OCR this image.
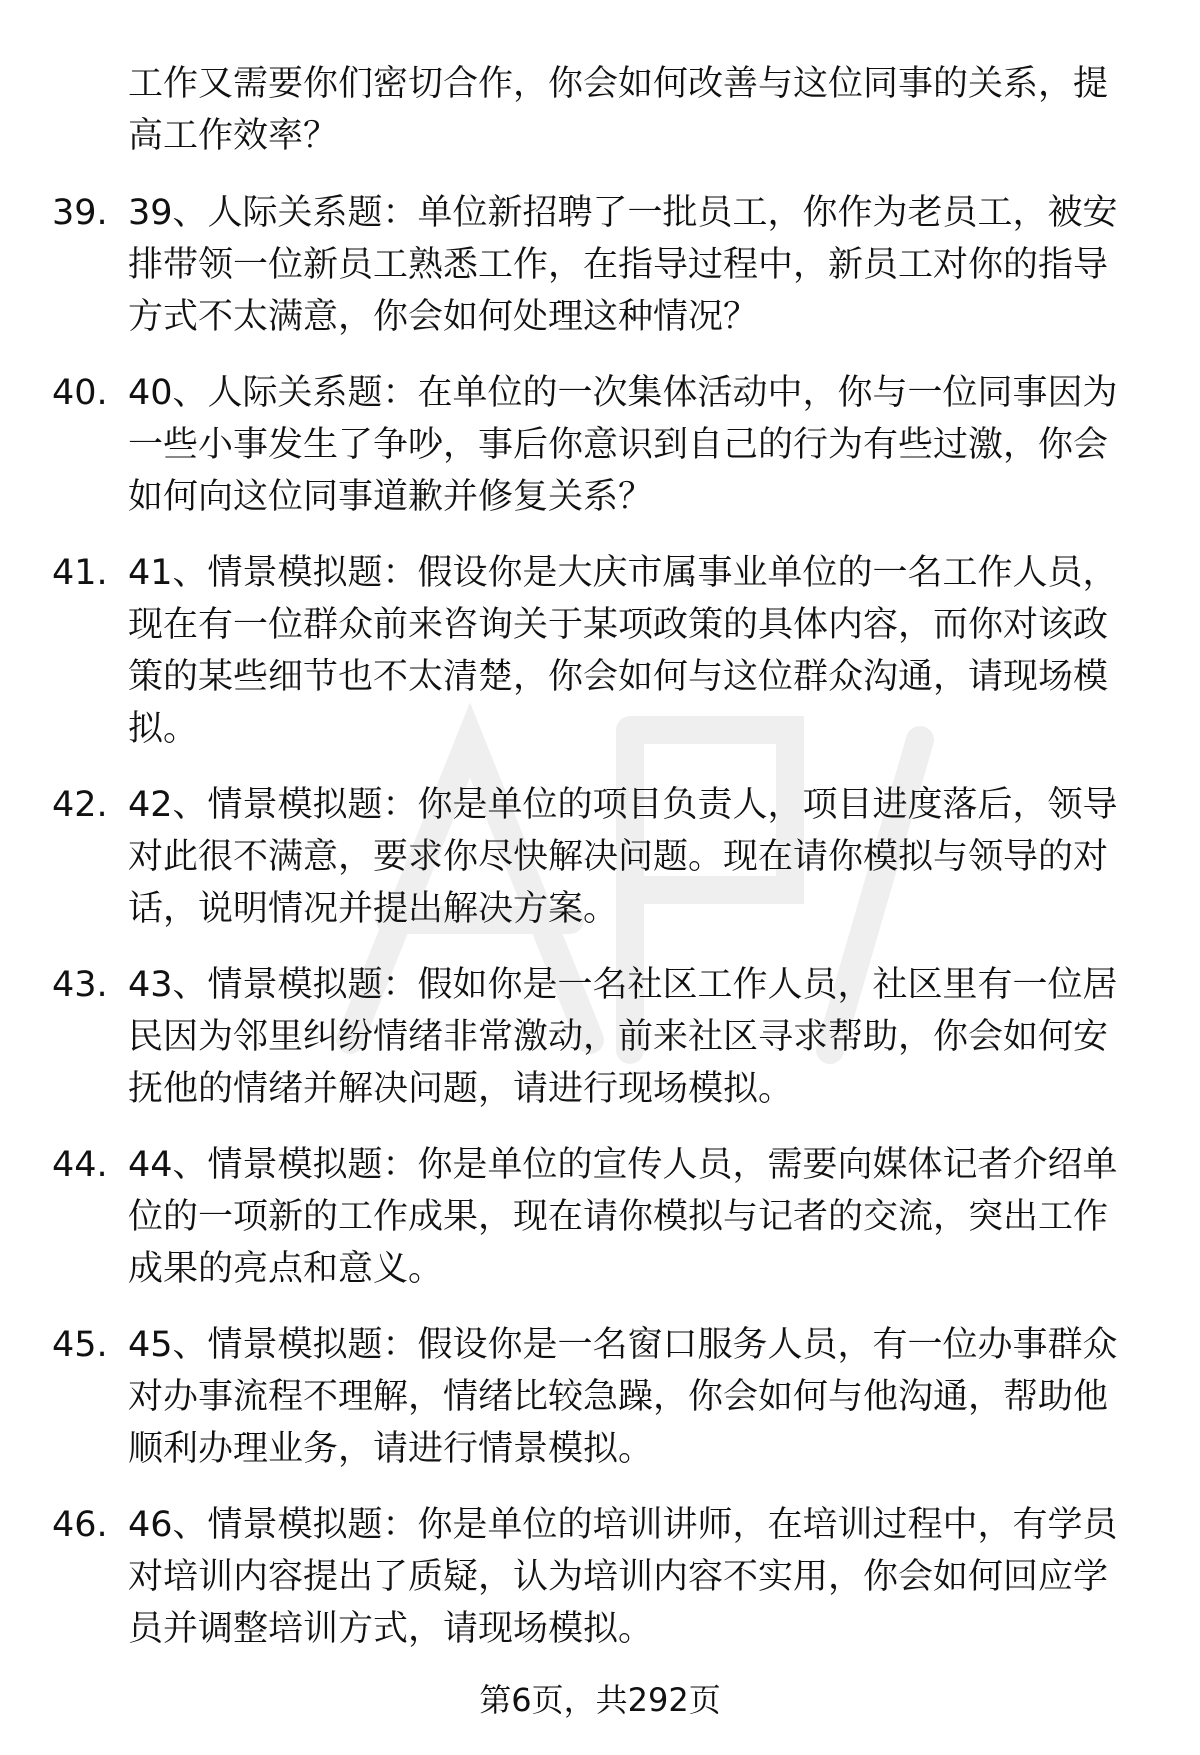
工作又需要你们密切合作，你会如何改善与这位同事的关系，提高工作效率？

39. 39、人际关系题：单位新招聘了一批员工，你作为老员工，被安排带领一位新员工熟悉工作，在指导过程中，新员工对你的指导方式不太满意，你会如何处理这种情况？
40. 40、人际关系题：在单位的一次集体活动中，你与一位同事因为一些小事发生了争吵，事后你意识到自己的行为有些过激，你会如何向这位同事道歉并修复关系？
41. 41、情景模拟题：假设你是大庆市属事业单位的一名工作人员，现在有一位群众前来咨询关于某项政策的具体内容，而你对该政策的某些细节也不太清楚，你会如何与这位群众沟通，请现场模拟。
42. 42、情景模拟题：你是单位的项目负责人，项目进度落后，领导对此很不满意，要求你尽快解决问题。现在请你模拟与领导的对话，说明情况并提出解决方案。
43. 43、情景模拟题：假如你是一名社区工作人员，社区里有一位居民因为邻里纠纷情绪非常激动，前来社区寻求帮助，你会如何安抚他的情绪并解决问题，请进行现场模拟。
44. 44、情景模拟题：你是单位的宣传人员，需要向媒体记者介绍单位的一项新的工作成果，现在请你模拟与记者的交流，突出工作成果的亮点和意义。
45. 45、情景模拟题：假设你是一名窗口服务人员，有一位办事群众对办事流程不理解，情绪比较急躁，你会如何与他沟通，帮助他顺利办理业务，请进行情景模拟。
46. 46、情景模拟题：你是单位的培训讲师，在培训过程中，有学员对培训内容提出了质疑，认为培训内容不实用，你会如何回应学员并调整培训方式，请现场模拟。
第6页，共292页
